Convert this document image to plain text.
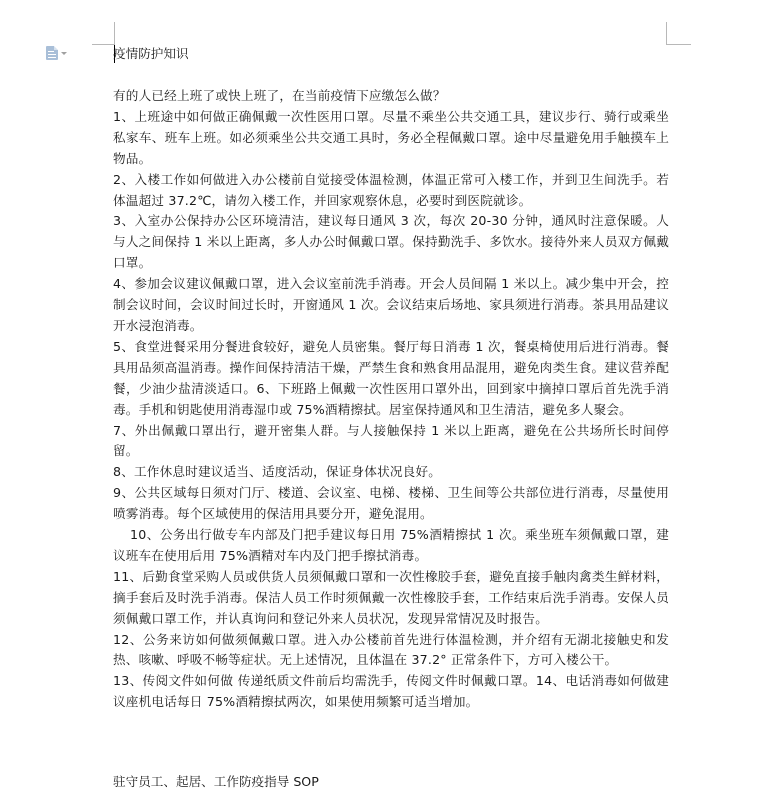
疫情防护知识

有的人已经上班了或快上班了，在当前疫情下应缴怎么做？

1、上班途中如何做正确佩戴一次性医用口罩。尽量不乘坐公共交通工具，建议步行、骑行或乘坐私家车、班车上班。如必须乘坐公共交通工具时，务必全程佩戴口罩。途中尽量避免用手触摸车上物品。

2、入楼工作如何做进入办公楼前自觉接受体温检测，体温正常可入楼工作，并到卫生间洗手。若体温超过 37.2℃，请勿入楼工作，并回家观察休息，必要时到医院就诊。

3、入室办公保持办公区环境清洁，建议每日通风 3 次，每次 20-30 分钟，通风时注意保暖。人与人之间保持 1 米以上距离，多人办公时佩戴口罩。保持勤洗手、多饮水。接待外来人员双方佩戴口罩。

4、参加会议建议佩戴口罩，进入会议室前洗手消毒。开会人员间隔 1 米以上。减少集中开会，控制会议时间，会议时间过长时，开窗通风 1 次。会议结束后场地、家具须进行消毒。茶具用品建议开水浸泡消毒。

5、食堂进餐采用分餐进食较好，避免人员密集。餐厅每日消毒 1 次，餐桌椅使用后进行消毒。餐具用品须高温消毒。操作间保持清洁干燥，严禁生食和熟食用品混用，避免肉类生食。建议营养配餐，少油少盐清淡适口。6、下班路上佩戴一次性医用口罩外出，回到家中摘掉口罩后首先洗手消毒。手机和钥匙使用消毒湿巾或 75%酒精擦拭。居室保持通风和卫生清洁，避免多人聚会。

7、外出佩戴口罩出行，避开密集人群。与人接触保持 1 米以上距离，避免在公共场所长时间停留。

8、工作休息时建议适当、适度活动，保证身体状况良好。

9、公共区域每日须对门厅、楼道、会议室、电梯、楼梯、卫生间等公共部位进行消毒，尽量使用喷雾消毒。每个区域使用的保洁用具要分开，避免混用。

10、公务出行做专车内部及门把手建议每日用 75%酒精擦拭 1 次。乘坐班车须佩戴口罩，建议班车在使用后用 75%酒精对车内及门把手擦拭消毒。

11、后勤食堂采购人员或供货人员须佩戴口罩和一次性橡胶手套，避免直接手触肉禽类生鲜材料，摘手套后及时洗手消毒。保洁人员工作时须佩戴一次性橡胶手套，工作结束后洗手消毒。安保人员须佩戴口罩工作，并认真询问和登记外来人员状况，发现异常情况及时报告。

12、公务来访如何做须佩戴口罩。进入办公楼前首先进行体温检测，并介绍有无湖北接触史和发热、咳嗽、呼吸不畅等症状。无上述情况，且体温在 37.2° 正常条件下，方可入楼公干。

13、传阅文件如何做 传递纸质文件前后均需洗手，传阅文件时佩戴口罩。14、电话消毒如何做建议座机电话每日 75%酒精擦拭两次，如果使用频繁可适当增加。

驻守员工、起居、工作防疫指导 SOP
